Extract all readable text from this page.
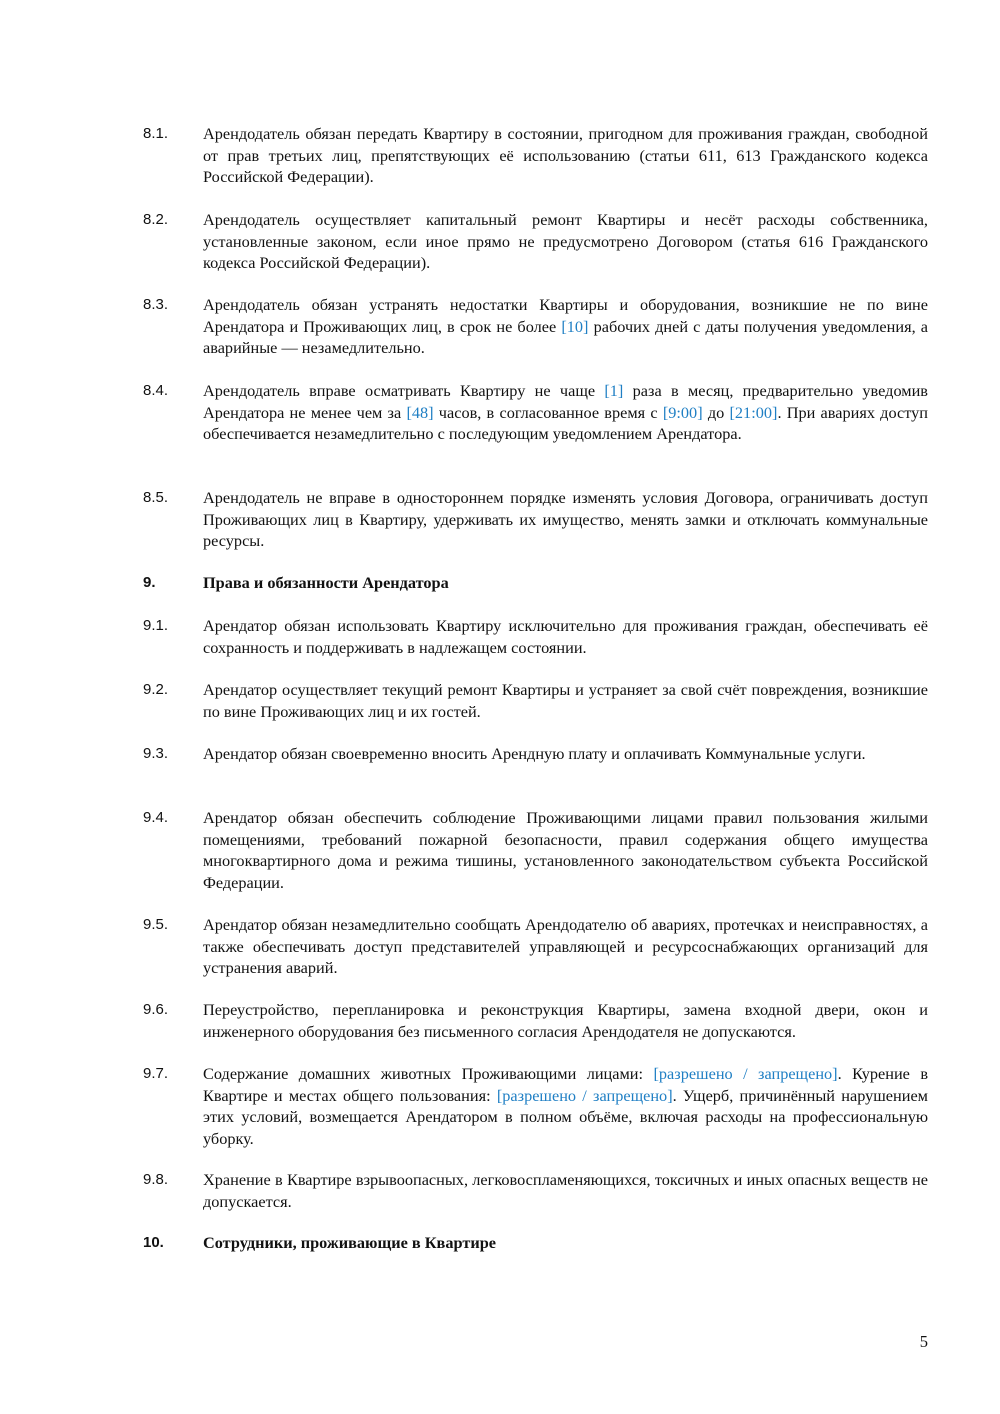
8.1. Арендодатель обязан передать Квартиру в состоянии, пригодном для проживания граждан, свободной от прав третьих лиц, препятствующих её использованию (статьи 611, 613 Гражданского кодекса Российской Федерации).
8.2. Арендодатель осуществляет капитальный ремонт Квартиры и несёт расходы собственника, установленные законом, если иное прямо не предусмотрено Договором (статья 616 Гражданского кодекса Российской Федерации).
8.3. Арендодатель обязан устранять недостатки Квартиры и оборудования, возникшие не по вине Арендатора и Проживающих лиц, в срок не более [10] рабочих дней с даты получения уведомления, а аварийные — незамедлительно.
8.4. Арендодатель вправе осматривать Квартиру не чаще [1] раза в месяц, предварительно уведомив Арендатора не менее чем за [48] часов, в согласованное время с [9:00] до [21:00]. При авариях доступ обеспечивается незамедлительно с последующим уведомлением Арендатора.
8.5. Арендодатель не вправе в одностороннем порядке изменять условия Договора, ограничивать доступ Проживающих лиц в Квартиру, удерживать их имущество, менять замки и отключать коммунальные ресурсы.
9.	Права и обязанности Арендатора
9.1. Арендатор обязан использовать Квартиру исключительно для проживания граждан, обеспечивать её сохранность и поддерживать в надлежащем состоянии.
9.2. Арендатор осуществляет текущий ремонт Квартиры и устраняет за свой счёт повреждения, возникшие по вине Проживающих лиц и их гостей.
9.3. Арендатор обязан своевременно вносить Арендную плату и оплачивать Коммунальные услуги.
9.4. Арендатор обязан обеспечить соблюдение Проживающими лицами правил пользования жилыми помещениями, требований пожарной безопасности, правил содержания общего имущества многоквартирного дома и режима тишины, установленного законодательством субъекта Российской Федерации.
9.5. Арендатор обязан незамедлительно сообщать Арендодателю об авариях, протечках и неисправностях, а также обеспечивать доступ представителей управляющей и ресурсоснабжающих организаций для устранения аварий.
9.6. Переустройство, перепланировка и реконструкция Квартиры, замена входной двери, окон и инженерного оборудования без письменного согласия Арендодателя не допускаются.
9.7. Содержание домашних животных Проживающими лицами: [разрешено / запрещено]. Курение в Квартире и местах общего пользования: [разрешено / запрещено]. Ущерб, причинённый нарушением этих условий, возмещается Арендатором в полном объёме, включая расходы на профессиональную уборку.
9.8. Хранение в Квартире взрывоопасных, легковоспламеняющихся, токсичных и иных опасных веществ не допускается.
10. Сотрудники, проживающие в Квартире
5
